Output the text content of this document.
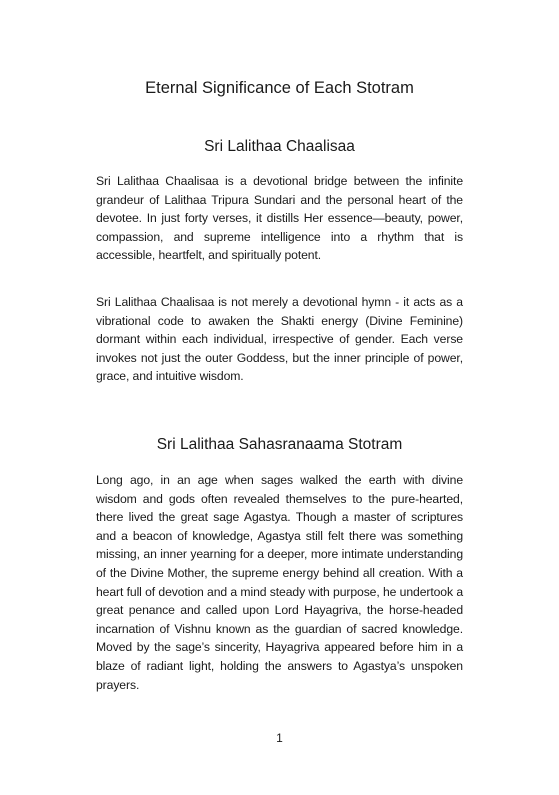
Eternal Significance of Each Stotram
Sri Lalithaa Chaalisaa

Sri Lalithaa Chaalisaa is a devotional bridge between the infinite grandeur of Lalithaa Tripura Sundari and the personal heart of the devotee. In just forty verses, it distills Her essence—beauty, power, compassion, and supreme intelligence into a rhythm that is accessible, heartfelt, and spiritually potent.

Sri Lalithaa Chaalisaa is not merely a devotional hymn - it acts as a vibrational code to awaken the Shakti energy (Divine Feminine) dormant within each individual, irrespective of gender. Each verse invokes not just the outer Goddess, but the inner principle of power, grace, and intuitive wisdom.

Sri Lalithaa Sahasranaama Stotram

Long ago, in an age when sages walked the earth with divine wisdom and gods often revealed themselves to the pure-hearted, there lived the great sage Agastya. Though a master of scriptures and a beacon of knowledge, Agastya still felt there was something missing, an inner yearning for a deeper, more intimate understanding of the Divine Mother, the supreme energy behind all creation. With a heart full of devotion and a mind steady with purpose, he undertook a great penance and called upon Lord Hayagriva, the horse-headed incarnation of Vishnu known as the guardian of sacred knowledge. Moved by the sage’s sincerity, Hayagriva appeared before him in a blaze of radiant light, holding the answers to Agastya’s unspoken prayers.

1
